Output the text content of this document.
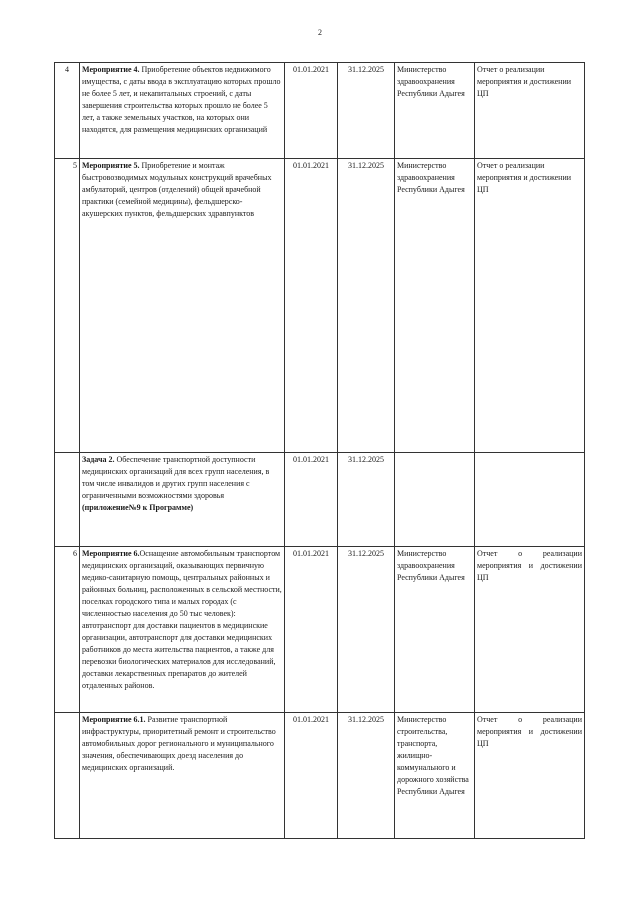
2
4	Мероприятие 4. Приобретение объектов недвижимого имущества, с даты ввода в эксплуатацию которых прошло не более 5 лет, и некапитальных строений, с даты завершения строительства которых прошло не более 5 лет, а также земельных участков, на которых они находятся, для размещения медицинских организаций	01.01.2021	31.12.2025	Министерство здравоохранения Республики Адыгея	Отчет о реализации мероприятия и достижении ЦП
5	Мероприятие 5. Приобретение и монтаж быстровозводимых модульных конструкций врачебных амбулаторий, центров (отделений) общей врачебной практики (семейной медицины), фельдшерско-акушерских пунктов, фельдшерских здравпунктов	01.01.2021	31.12.2025	Министерство здравоохранения Республики Адыгея	Отчет о реализации мероприятия и достижении ЦП
	Задача 2. Обеспечение транспортной доступности медицинских организаций для всех групп населения, в том числе инвалидов и других групп населения с ограниченными возможностями здоровья (приложение№9 к Программе)	01.01.2021	31.12.2025		
6	Мероприятие 6.Оснащение автомобильным транспортом медицинских организаций, оказывающих первичную медико-санитарную помощь, центральных районных и районных больниц, расположенных в сельской местности, поселках городского типа и малых городах (с численностью населения до 50 тыс человек): автотранспорт для доставки пациентов в медицинские организации, автотранспорт для доставки медицинских работников до места жительства пациентов, а также для перевозки биологических материалов для исследований, доставки лекарственных препаратов до жителей отдаленных районов.	01.01.2021	31.12.2025	Министерство здравоохранения Республики Адыгея	Отчет о реализации мероприятия и достижении ЦП
	Мероприятие 6.1. Развитие транспортной инфраструктуры, приоритетный ремонт и строительство автомобильных дорог регионального и муниципального значения, обеспечивающих доезд населения до медицинских организаций.	01.01.2021	31.12.2025	Министерство строительства, транспорта, жилищно-коммунального и дорожного хозяйства Республики Адыгея	Отчет о реализации мероприятия и достижении ЦП
